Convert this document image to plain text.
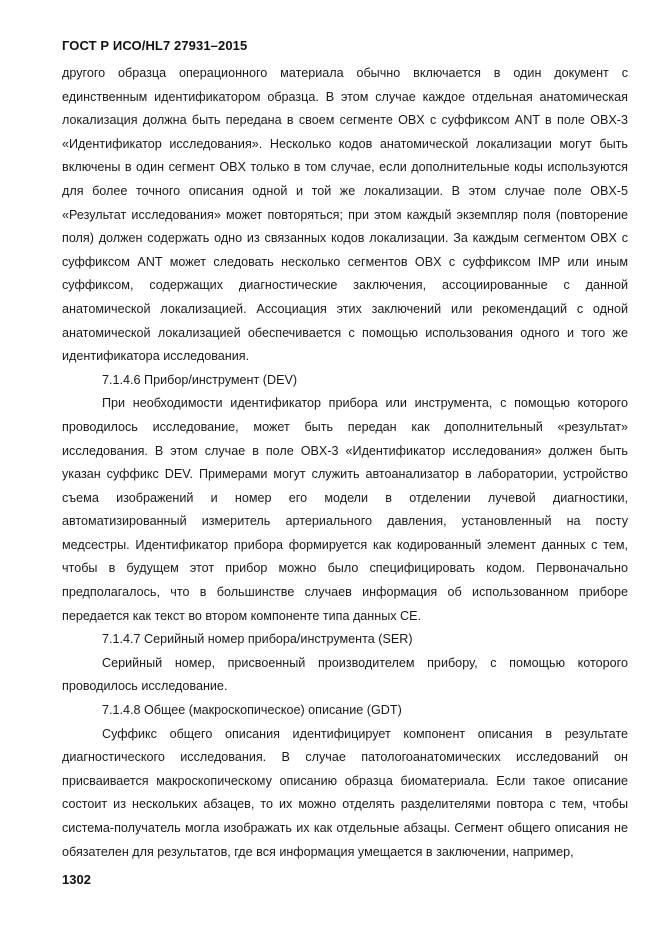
ГОСТ Р ИСО/HL7 27931–2015

другого образца операционного материала обычно включается в один документ с единственным идентификатором образца. В этом случае каждое отдельная анатомическая локализация должна быть передана в своем сегменте OBX с суффиксом ANT в поле OBX-3 «Идентификатор исследования». Несколько кодов анатомической локализации могут быть включены в один сегмент OBX только в том случае, если дополнительные коды используются для более точного описания одной и той же локализации. В этом случае поле OBX-5 «Результат исследования» может повторяться; при этом каждый экземпляр поля (повторение поля) должен содержать одно из связанных кодов локализации. За каждым сегментом OBX с суффиксом ANT может следовать несколько сегментов OBX с суффиксом IMP или иным суффиксом, содержащих диагностические заключения, ассоциированные с данной анатомической локализацией. Ассоциация этих заключений или рекомендаций с одной анатомической локализацией обеспечивается с помощью использования одного и того же идентификатора исследования.

7.1.4.6 Прибор/инструмент (DEV)

При необходимости идентификатор прибора или инструмента, с помощью которого проводилось исследование, может быть передан как дополнительный «результат» исследования. В этом случае в поле OBX-3 «Идентификатор исследования» должен быть указан суффикс DEV. Примерами могут служить автоанализатор в лаборатории, устройство съема изображений и номер его модели в отделении лучевой диагностики, автоматизированный измеритель артериального давления, установленный на посту медсестры. Идентификатор прибора формируется как кодированный элемент данных с тем, чтобы в будущем этот прибор можно было специфицировать кодом. Первоначально предполагалось, что в большинстве случаев информация об использованном приборе передается как текст во втором компоненте типа данных CE.

7.1.4.7 Серийный номер прибора/инструмента (SER)

Серийный номер, присвоенный производителем прибору, с помощью которого проводилось исследование.

7.1.4.8 Общее (макроскопическое) описание (GDT)

Суффикс общего описания идентифицирует компонент описания в результате диагностического исследования. В случае патологоанатомических исследований он присваивается макроскопическому описанию образца биоматериала. Если такое описание состоит из нескольких абзацев, то их можно отделять разделителями повтора с тем, чтобы система-получатель могла изображать их как отдельные абзацы. Сегмент общего описания не обязателен для результатов, где вся информация умещается в заключении, например,

1302
